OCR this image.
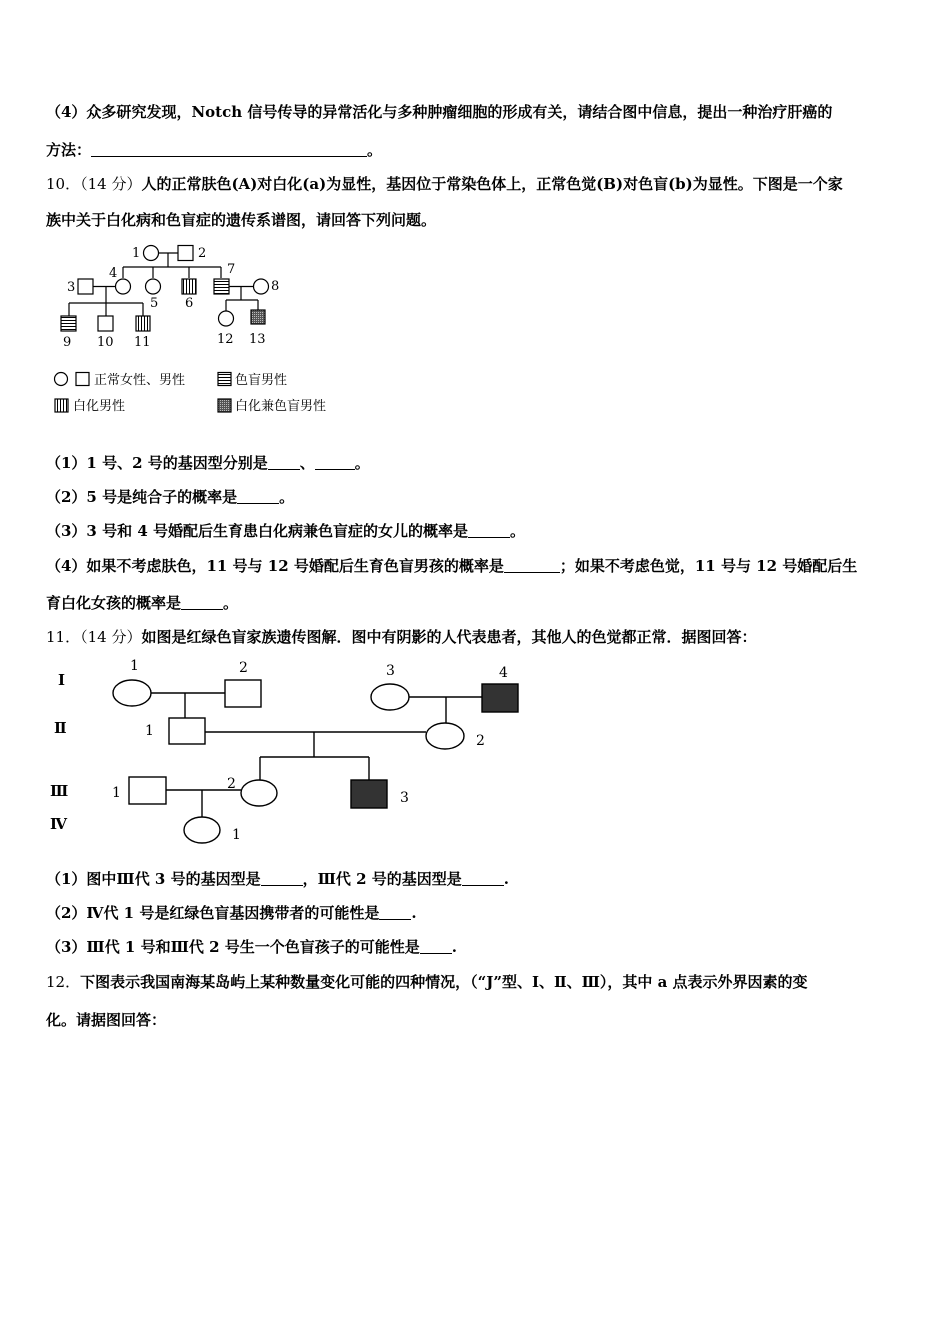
（4）众多研究发现，Notch 信号传导的异常活化与多种肿瘤细胞的形成有关，请结合图中信息，提出一种治疗肝癌的
方法：	。
10．（14 分）人的正常肤色(A)对白化(a)为显性，基因位于常染色体上，正常色觉(B)对色盲(b)为显性。下图是一个家
族中关于白化病和色盲症的遗传系谱图，请回答下列问题。
1	2
3
4
5 6
7
8
9 10 11	12 13
正常女性、男性	色盲男性
白化男性	白化兼色盲男性
（1）1 号、2 号的基因型分别是 、	。
（2）5 号是纯合子的概率是	。
（3）3 号和 4 号婚配后生育患白化病兼色盲症的女儿的概率是	。
（4）如果不考虑肤色，11 号与 12 号婚配后生育色盲男孩的概率是	；如果不考虑色觉，11 号与 12 号婚配后生
育白化女孩的概率是	。
11．（14 分）如图是红绿色盲家族遗传图解．图中有阴影的人代表患者，其他人的色觉都正常．据图回答：
Ⅰ
Ⅱ
Ⅲ
Ⅳ
1	2	3	4
1
2
1
2
3
1
（1）图中Ⅲ代 3 号的基因型是	，Ⅲ代 2 号的基因型是	.
（2）Ⅳ代 1 号是红绿色盲基因携带者的可能性是 .
（3）Ⅲ代 1 号和Ⅲ代 2 号生一个色盲孩子的可能性是 .
12．下图表示我国南海某岛屿上某种数量变化可能的四种情况，（“J”型、Ⅰ、Ⅱ、Ⅲ），其中 a 点表示外界因素的变
化。请据图回答：
